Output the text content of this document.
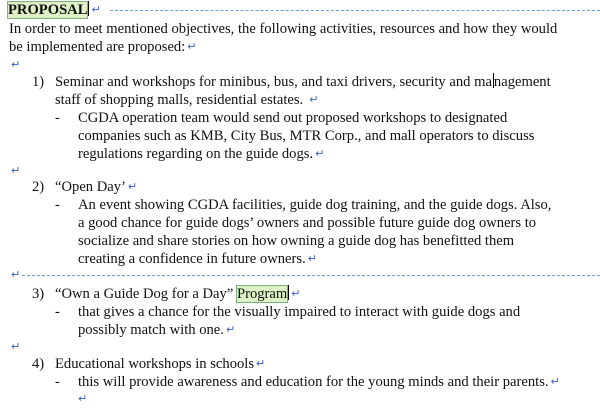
PROPOSAL ↵
In order to meet mentioned objectives, the following activities, resources and how they would
be implemented are proposed: ↵
↵
1) Seminar and workshops for minibus, bus, and taxi drivers, security and ma nagement
staff of shopping malls, residential estates. ↵
- CGDA operation team would send out proposed workshops to designated
companies such as KMB, City Bus, MTR Corp., and mall operators to discuss
regulations regarding on the guide dogs. ↵
↵
2) “Open Day’ ↵
- An event showing CGDA facilities, guide dog training, and the guide dogs. Also,
a good chance for guide dogs’ owners and possible future guide dog owners to
socialize and share stories on how owning a guide dog has benefitted them
creating a confidence in future owners. ↵
↵
3) “Own a Guide Dog for a Day” Program ↵
- that gives a chance for the visually impaired to interact with guide dogs and
possibly match with one. ↵
↵
4) Educational workshops in schools ↵
- this will provide awareness and education for the young minds and their parents. ↵
↵
